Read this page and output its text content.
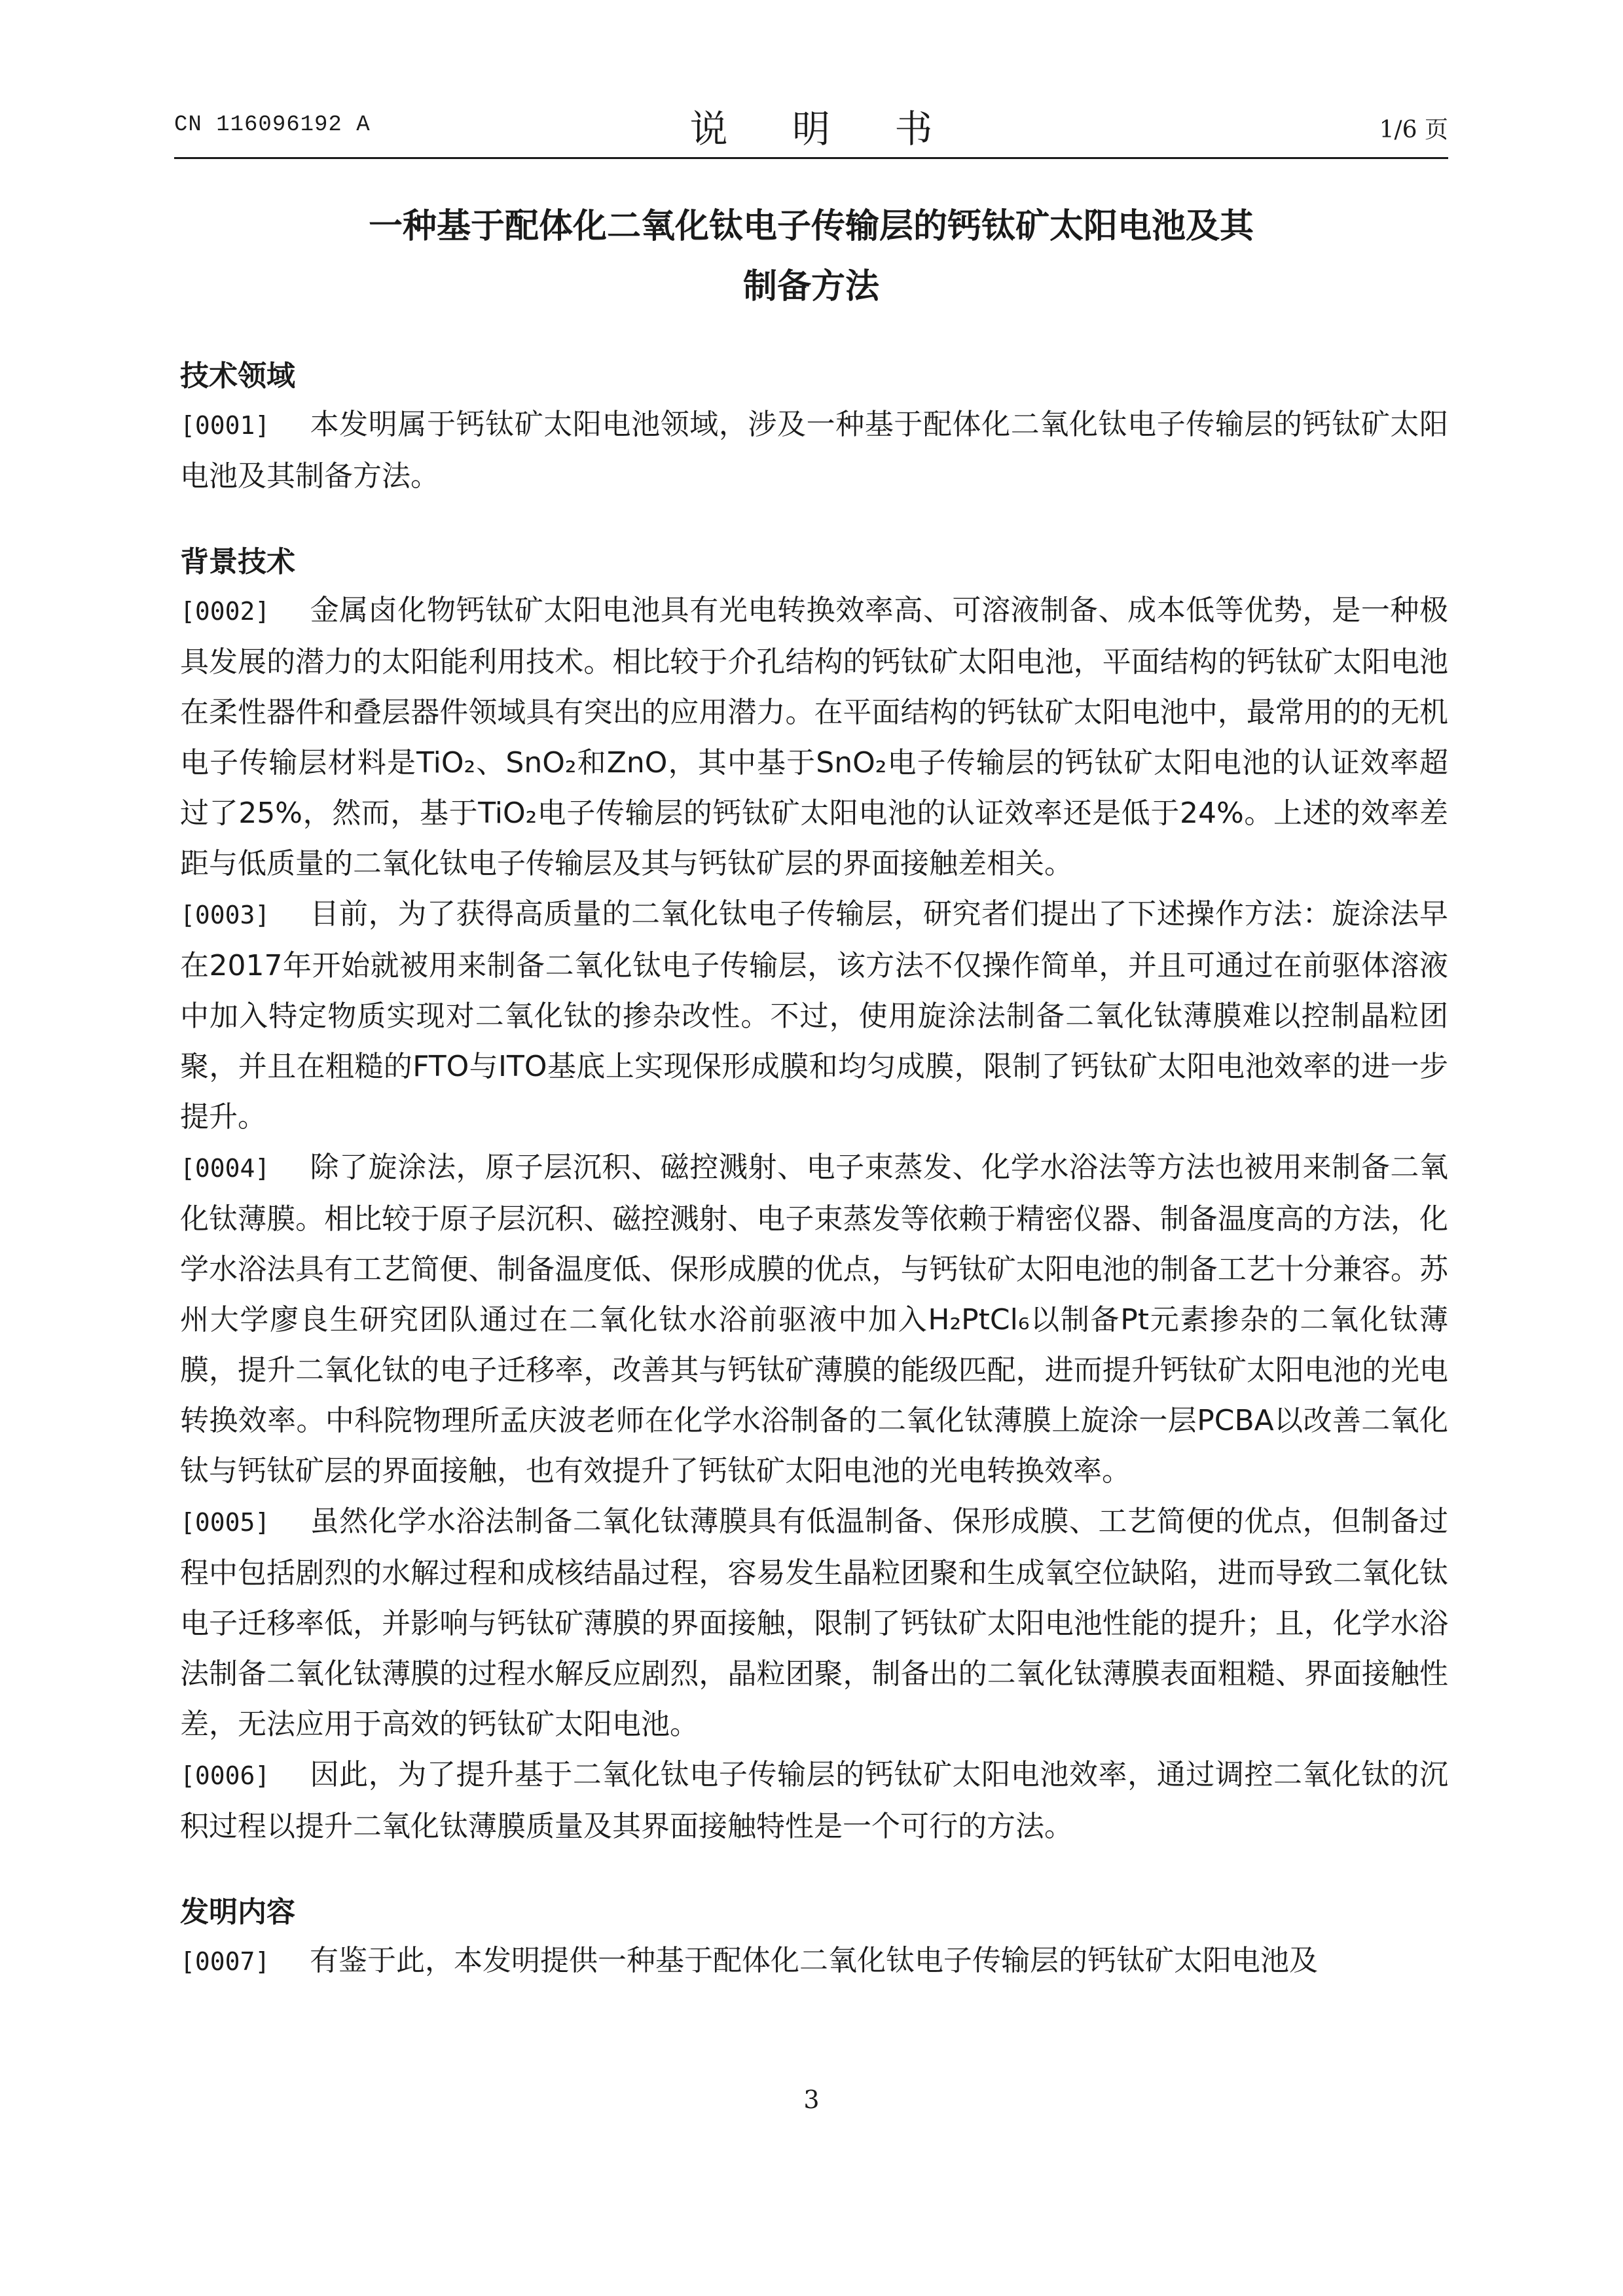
CN 116096192 A	说 明 书	1/6 页
一种基于配体化二氧化钛电子传输层的钙钛矿太阳电池及其
制备方法
技术领域

[0001] 本发明属于钙钛矿太阳电池领域，涉及一种基于配体化二氧化钛电子传输层的钙钛矿太阳电池及其制备方法。

背景技术

[0002] 金属卤化物钙钛矿太阳电池具有光电转换效率高、可溶液制备、成本低等优势，是一种极具发展的潜力的太阳能利用技术。相比较于介孔结构的钙钛矿太阳电池，平面结构的钙钛矿太阳电池在柔性器件和叠层器件领域具有突出的应用潜力。在平面结构的钙钛矿太阳电池中，最常用的的无机电子传输层材料是TiO₂、SnO₂和ZnO，其中基于SnO₂电子传输层的钙钛矿太阳电池的认证效率超过了25%，然而，基于TiO₂电子传输层的钙钛矿太阳电池的认证效率还是低于24%。上述的效率差距与低质量的二氧化钛电子传输层及其与钙钛矿层的界面接触差相关。

[0003] 目前，为了获得高质量的二氧化钛电子传输层，研究者们提出了下述操作方法：旋涂法早在2017年开始就被用来制备二氧化钛电子传输层，该方法不仅操作简单，并且可通过在前驱体溶液中加入特定物质实现对二氧化钛的掺杂改性。不过，使用旋涂法制备二氧化钛薄膜难以控制晶粒团聚，并且在粗糙的FTO与ITO基底上实现保形成膜和均匀成膜，限制了钙钛矿太阳电池效率的进一步提升。

[0004] 除了旋涂法，原子层沉积、磁控溅射、电子束蒸发、化学水浴法等方法也被用来制备二氧化钛薄膜。相比较于原子层沉积、磁控溅射、电子束蒸发等依赖于精密仪器、制备温度高的方法，化学水浴法具有工艺简便、制备温度低、保形成膜的优点，与钙钛矿太阳电池的制备工艺十分兼容。苏州大学廖良生研究团队通过在二氧化钛水浴前驱液中加入H₂PtCl₆以制备Pt元素掺杂的二氧化钛薄膜，提升二氧化钛的电子迁移率，改善其与钙钛矿薄膜的能级匹配，进而提升钙钛矿太阳电池的光电转换效率。中科院物理所孟庆波老师在化学水浴制备的二氧化钛薄膜上旋涂一层PCBA以改善二氧化钛与钙钛矿层的界面接触，也有效提升了钙钛矿太阳电池的光电转换效率。

[0005] 虽然化学水浴法制备二氧化钛薄膜具有低温制备、保形成膜、工艺简便的优点，但制备过程中包括剧烈的水解过程和成核结晶过程，容易发生晶粒团聚和生成氧空位缺陷，进而导致二氧化钛电子迁移率低，并影响与钙钛矿薄膜的界面接触，限制了钙钛矿太阳电池性能的提升；且，化学水浴法制备二氧化钛薄膜的过程水解反应剧烈，晶粒团聚，制备出的二氧化钛薄膜表面粗糙、界面接触性差，无法应用于高效的钙钛矿太阳电池。

[0006] 因此，为了提升基于二氧化钛电子传输层的钙钛矿太阳电池效率，通过调控二氧化钛的沉积过程以提升二氧化钛薄膜质量及其界面接触特性是一个可行的方法。

发明内容

[0007] 有鉴于此，本发明提供一种基于配体化二氧化钛电子传输层的钙钛矿太阳电池及

3
